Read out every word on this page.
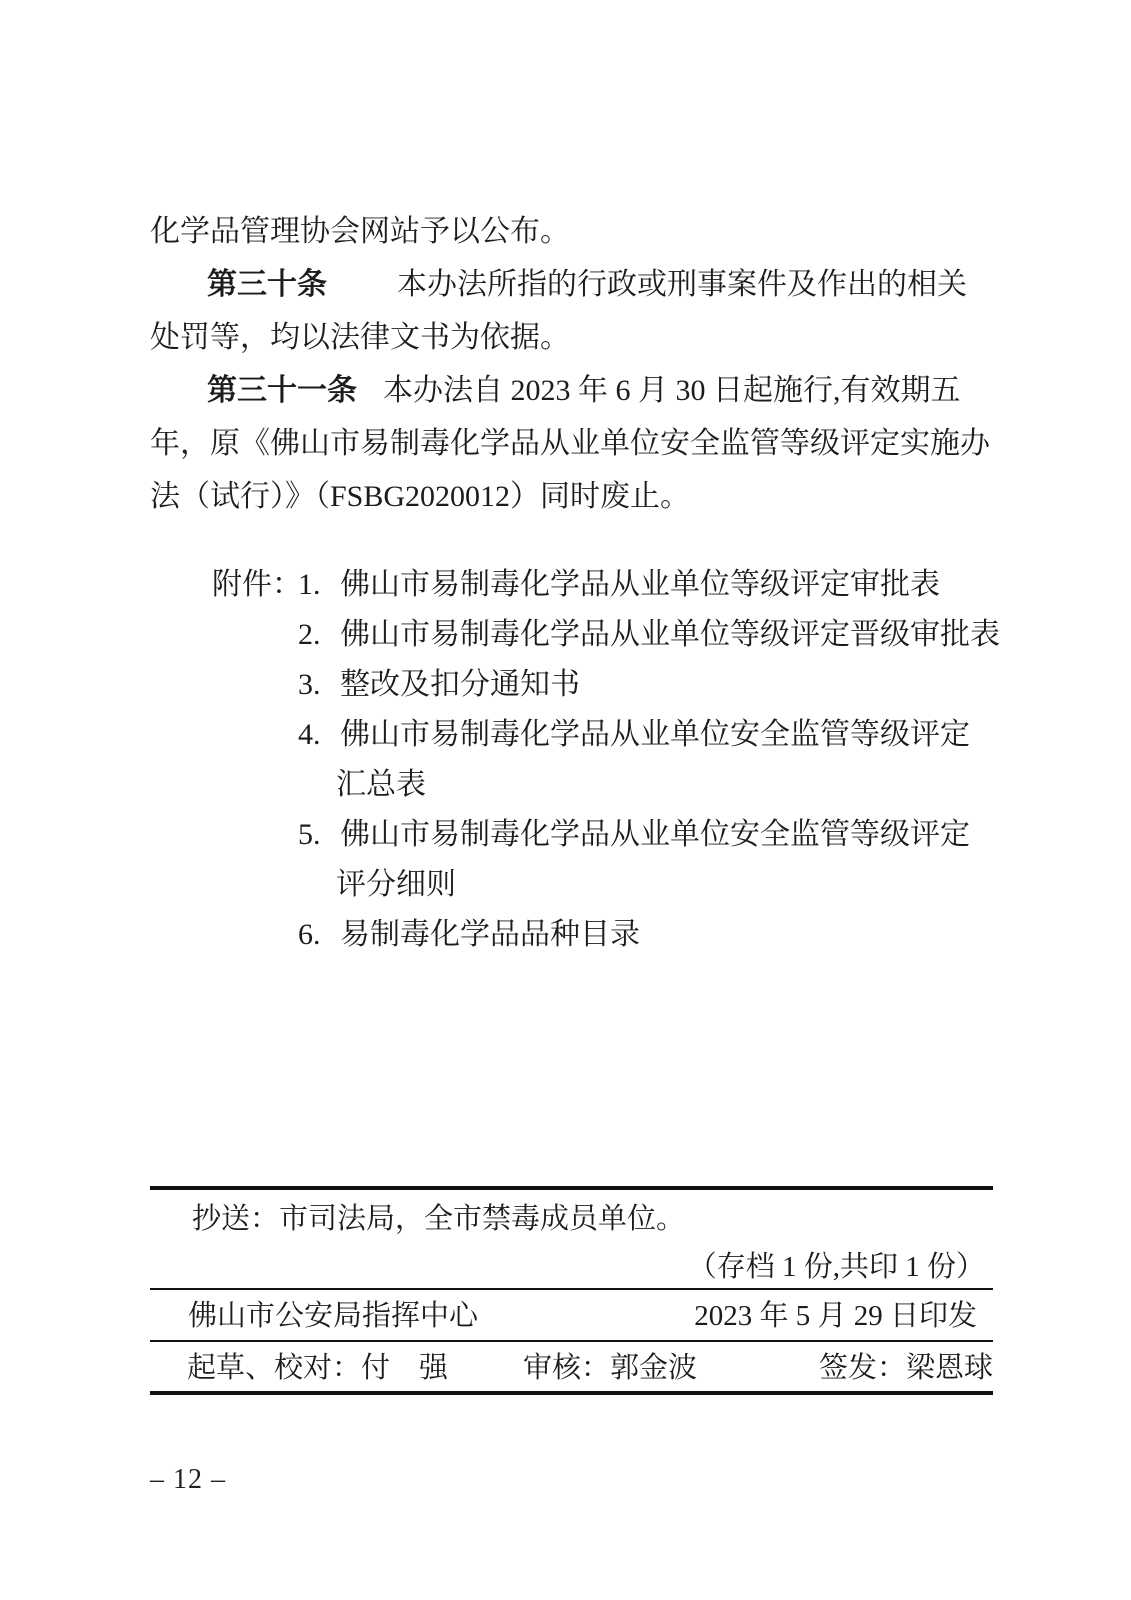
化学品管理协会网站予以公布。
第三十条 本办法所指的行政或刑事案件及作出的相关
处罚等，均以法律文书为依据。
第三十一条 本办法自 2023 年 6 月 30 日起施行,有效期五
年，原《佛山市易制毒化学品从业单位安全监管等级评定实施办
法（试行）》（FSBG2020012）同时废止。
附件：
1. 佛山市易制毒化学品从业单位等级评定审批表
2. 佛山市易制毒化学品从业单位等级评定晋级审批表
3. 整改及扣分通知书
4. 佛山市易制毒化学品从业单位安全监管等级评定
汇总表
5. 佛山市易制毒化学品从业单位安全监管等级评定
评分细则
6. 易制毒化学品品种目录
抄送：市司法局，全市禁毒成员单位。
（存档 1 份,共印 1 份）
佛山市公安局指挥中心	2023 年 5 月 29 日印发
起草、校对：付　强	审核：郭金波	签发：梁恩球
– 12 –
